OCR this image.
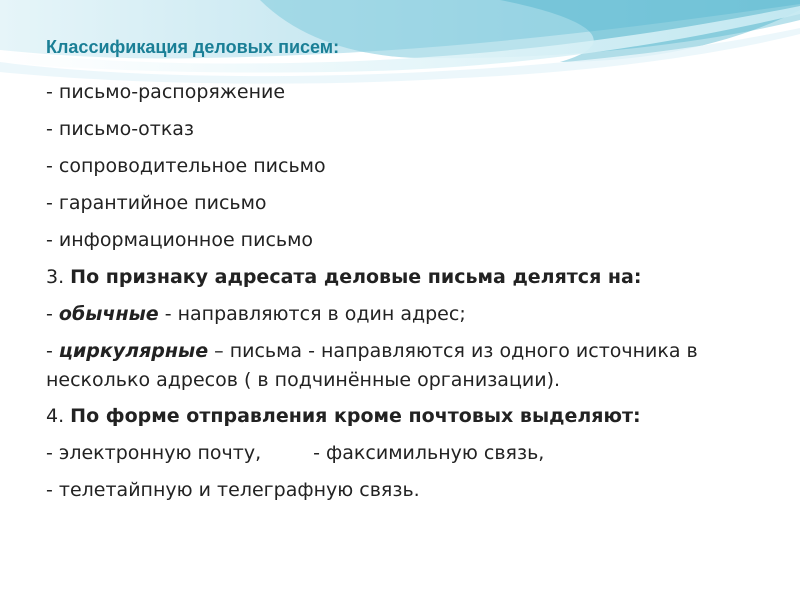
Классификация деловых писем:
- письмо-распоряжение
- письмо-отказ
- сопроводительное письмо
- гарантийное письмо
- информационное письмо
3. По признаку адресата деловые письма делятся на:
- обычные - направляются в один адрес;
- циркулярные – письма - направляются из одного источника в несколько адресов ( в подчинённые организации).
4. По форме отправления кроме почтовых выделяют:
- электронную почту,	- факсимильную связь,
- телетайпную и телеграфную связь.
